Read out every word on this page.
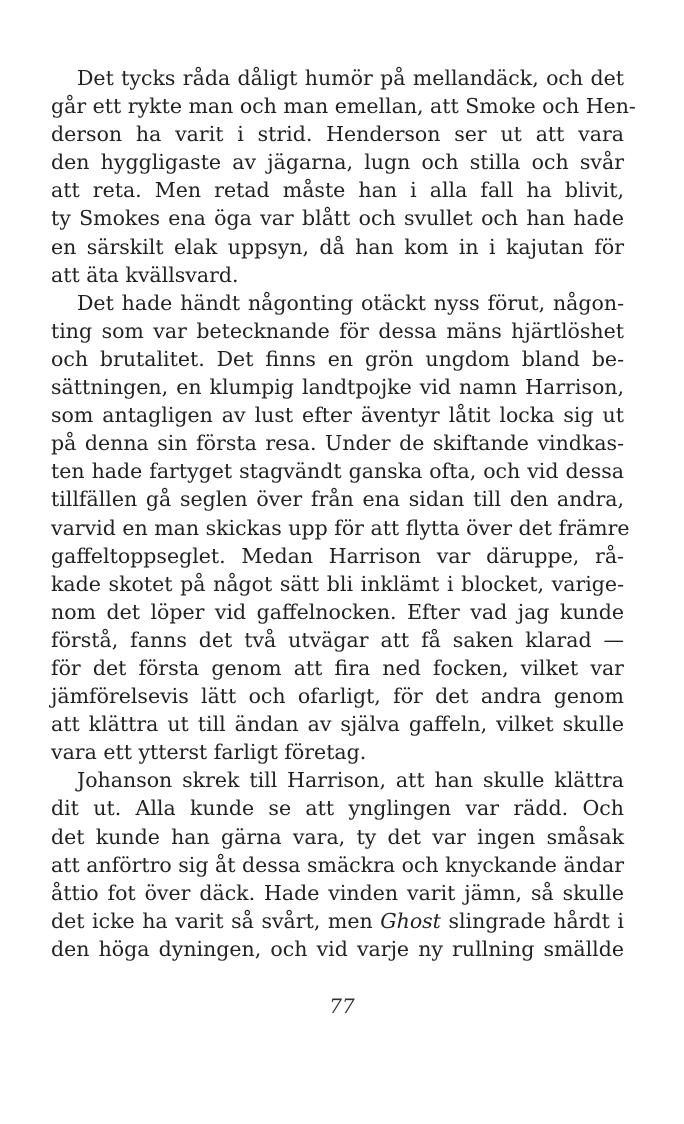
Det tycks råda dåligt humör på mellandäck, och det
går ett rykte man och man emellan, att Smoke och Hen-
derson ha varit i strid. Henderson ser ut att vara
den hyggligaste av jägarna, lugn och stilla och svår
att reta. Men retad måste han i alla fall ha blivit,
ty Smokes ena öga var blått och svullet och han hade
en särskilt elak uppsyn, då han kom in i kajutan för
att äta kvällsvard.
Det hade händt någonting otäckt nyss förut, någon-
ting som var betecknande för dessa mäns hjärtlöshet
och brutalitet. Det finns en grön ungdom bland be-
sättningen, en klumpig landtpojke vid namn Harrison,
som antagligen av lust efter äventyr låtit locka sig ut
på denna sin första resa. Under de skiftande vindkas-
ten hade fartyget stagvändt ganska ofta, och vid dessa
tillfällen gå seglen över från ena sidan till den andra,
varvid en man skickas upp för att flytta över det främre
gaffeltoppseglet. Medan Harrison var däruppe, rå-
kade skotet på något sätt bli inklämt i blocket, varige-
nom det löper vid gaffelnocken. Efter vad jag kunde
förstå, fanns det två utvägar att få saken klarad —
för det första genom att fira ned focken, vilket var
jämförelsevis lätt och ofarligt, för det andra genom
att klättra ut till ändan av själva gaffeln, vilket skulle
vara ett ytterst farligt företag.
Johanson skrek till Harrison, att han skulle klättra
dit ut. Alla kunde se att ynglingen var rädd. Och
det kunde han gärna vara, ty det var ingen småsak
att anförtro sig åt dessa smäckra och knyckande ändar
åttio fot över däck. Hade vinden varit jämn, så skulle
det icke ha varit så svårt, men Ghost slingrade hårdt i
den höga dyningen, och vid varje ny rullning smällde
77
